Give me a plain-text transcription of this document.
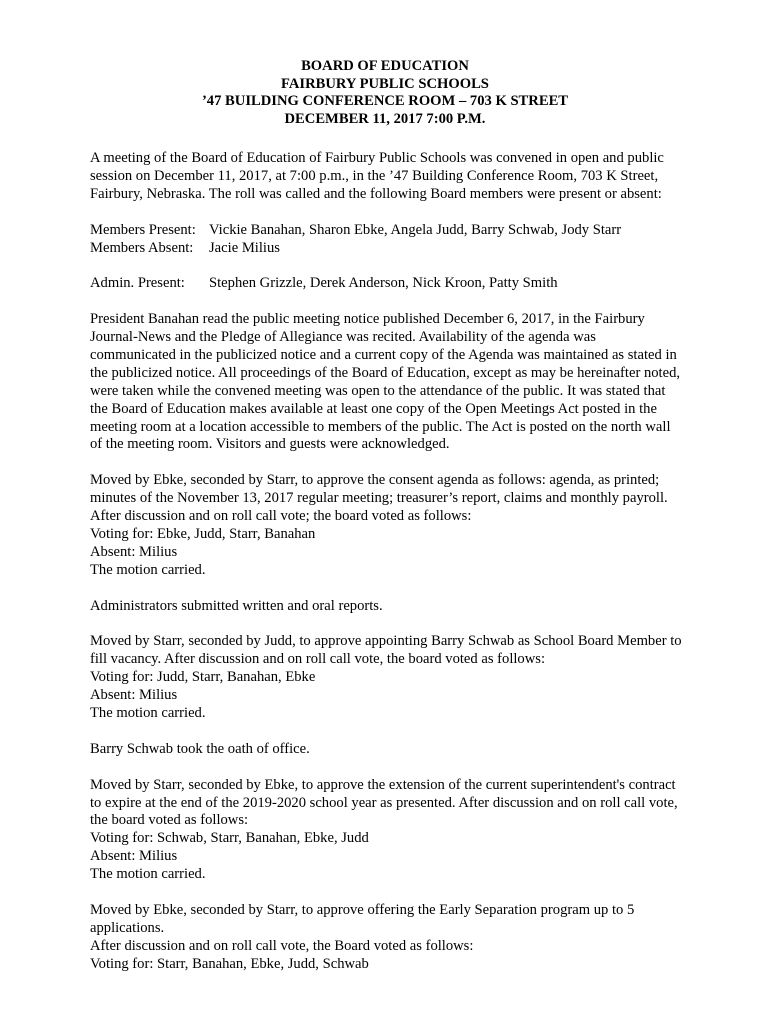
BOARD OF EDUCATION
FAIRBURY PUBLIC SCHOOLS
’47 BUILDING CONFERENCE ROOM – 703 K STREET
DECEMBER 11, 2017 7:00 P.M.
A meeting of the Board of Education of Fairbury Public Schools was convened in open and public
session on December 11, 2017, at 7:00 p.m., in the ’47 Building Conference Room, 703 K Street,
Fairbury, Nebraska. The roll was called and the following Board members were present or absent:
Members Present: Vickie Banahan, Sharon Ebke, Angela Judd, Barry Schwab, Jody Starr
Members Absent:	Jacie Milius
Admin. Present:	Stephen Grizzle, Derek Anderson, Nick Kroon, Patty Smith
President Banahan read the public meeting notice published December 6, 2017, in the Fairbury
Journal-News and the Pledge of Allegiance was recited. Availability of the agenda was
communicated in the publicized notice and a current copy of the Agenda was maintained as stated in
the publicized notice. All proceedings of the Board of Education, except as may be hereinafter noted,
were taken while the convened meeting was open to the attendance of the public. It was stated that
the Board of Education makes available at least one copy of the Open Meetings Act posted in the
meeting room at a location accessible to members of the public. The Act is posted on the north wall
of the meeting room. Visitors and guests were acknowledged.
Moved by Ebke, seconded by Starr, to approve the consent agenda as follows: agenda, as printed;
minutes of the November 13, 2017 regular meeting; treasurer’s report, claims and monthly payroll.
After discussion and on roll call vote; the board voted as follows:
Voting for: Ebke, Judd, Starr, Banahan
Absent: Milius
The motion carried.
Administrators submitted written and oral reports.
Moved by Starr, seconded by Judd, to approve appointing Barry Schwab as School Board Member to
fill vacancy. After discussion and on roll call vote, the board voted as follows:
Voting for: Judd, Starr, Banahan, Ebke
Absent: Milius
The motion carried.
Barry Schwab took the oath of office.
Moved by Starr, seconded by Ebke, to approve the extension of the current superintendent's contract
to expire at the end of the 2019-2020 school year as presented. After discussion and on roll call vote,
the board voted as follows:
Voting for: Schwab, Starr, Banahan, Ebke, Judd
Absent: Milius
The motion carried.
Moved by Ebke, seconded by Starr, to approve offering the Early Separation program up to 5
applications.
After discussion and on roll call vote, the Board voted as follows:
Voting for: Starr, Banahan, Ebke, Judd, Schwab
